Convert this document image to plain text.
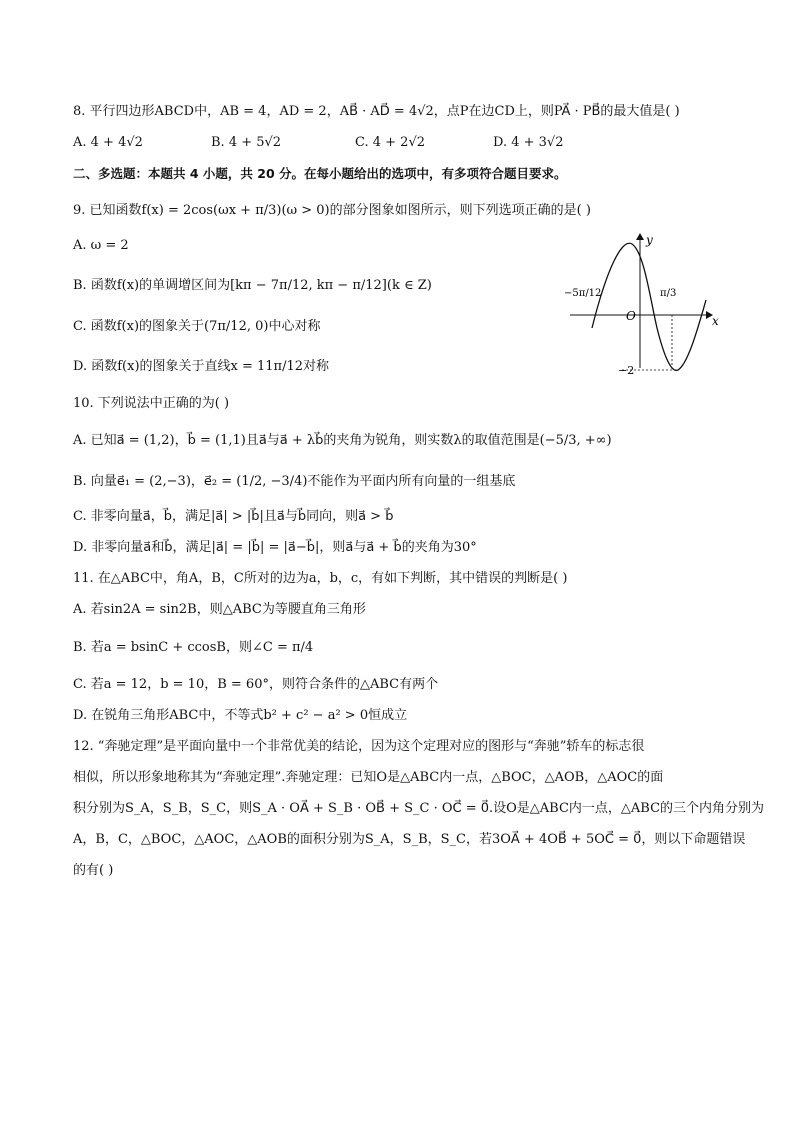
8. 平行四边形ABCD中，AB = 4，AD = 2，AB⃗ · AD⃗ = 4√2，点P在边CD上，则PA⃗ · PB⃗的最大值是( )
A. 4 + 4√2	B. 4 + 5√2	C. 4 + 2√2	D. 4 + 3√2
二、多选题：本题共 4 小题，共 20 分。在每小题给出的选项中，有多项符合题目要求。
9. 已知函数f(x) = 2cos(ωx + π/3)(ω > 0)的部分图象如图所示，则下列选项正确的是( )
A. ω = 2
B. 函数f(x)的单调增区间为[kπ − 7π/12, kπ − π/12](k ∈ Z)
C. 函数f(x)的图象关于(7π/12, 0)中心对称
D. 函数f(x)的图象关于直线x = 11π/12对称
y
x
O
−5π/12	π/3
−2
10. 下列说法中正确的为( )
A. 已知a⃗ = (1,2)，b⃗ = (1,1)且a⃗与a⃗ + λb⃗的夹角为锐角，则实数λ的取值范围是(−5/3, +∞)
B. 向量e⃗₁ = (2,−3)，e⃗₂ = (1/2, −3/4)不能作为平面内所有向量的一组基底
C. 非零向量a⃗，b⃗，满足|a⃗| > |b⃗|且a⃗与b⃗同向，则a⃗ > b⃗
D. 非零向量a⃗和b⃗，满足|a⃗| = |b⃗| = |a⃗−b⃗|，则a⃗与a⃗ + b⃗的夹角为30°
11. 在△ABC中，角A，B，C所对的边为a，b，c，有如下判断，其中错误的判断是( )
A. 若sin2A = sin2B，则△ABC为等腰直角三角形
B. 若a = bsinC + ccosB，则∠C = π/4
C. 若a = 12，b = 10，B = 60°，则符合条件的△ABC有两个
D. 在锐角三角形ABC中，不等式b² + c² − a² > 0恒成立
12. “奔驰定理”是平面向量中一个非常优美的结论，因为这个定理对应的图形与“奔驰”轿车的标志很
相似，所以形象地称其为“奔驰定理”.奔驰定理：已知O是△ABC内一点，△BOC，△AOB，△AOC的面
积分别为S_A，S_B，S_C，则S_A · OA⃗ + S_B · OB⃗ + S_C · OC⃗ = 0⃗.设O是△ABC内一点，△ABC的三个内角分别为
A，B，C，△BOC，△AOC，△AOB的面积分别为S_A，S_B，S_C，若3OA⃗ + 4OB⃗ + 5OC⃗ = 0⃗，则以下命题错误
的有( )
